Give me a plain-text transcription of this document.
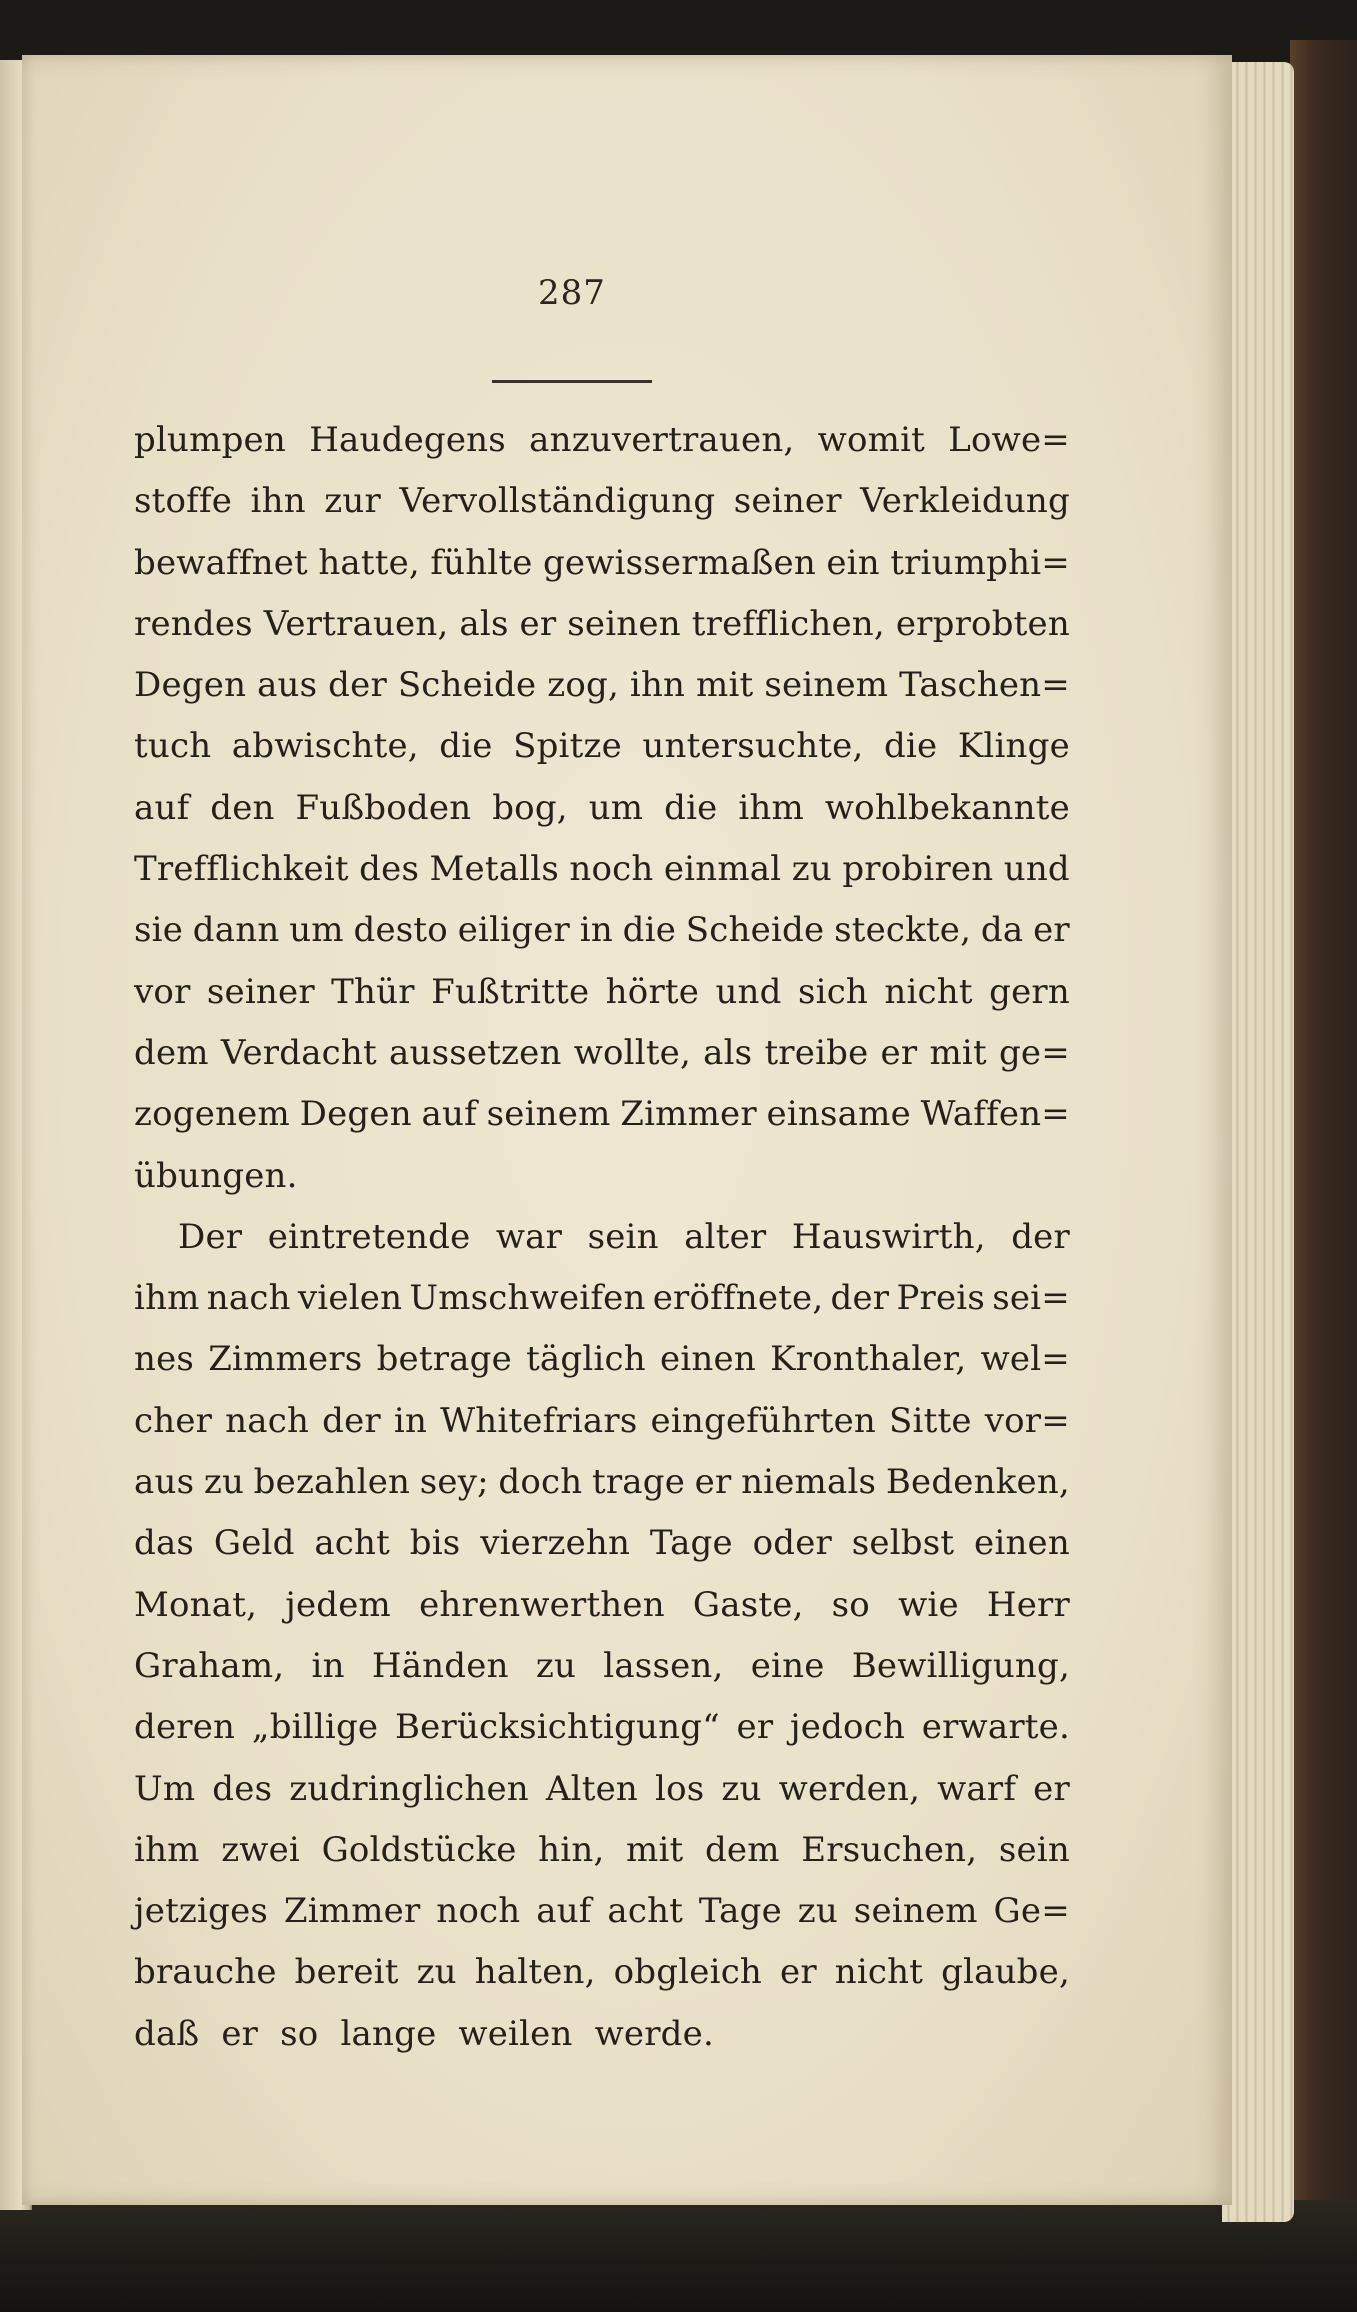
287
plumpen Haudegens anzuvertrauen, womit Lowe=
stoffe ihn zur Vervollständigung seiner Verkleidung
bewaffnet hatte, fühlte gewissermaßen ein triumphi=
rendes Vertrauen, als er seinen trefflichen, erprobten
Degen aus der Scheide zog, ihn mit seinem Taschen=
tuch abwischte, die Spitze untersuchte, die Klinge
auf den Fußboden bog, um die ihm wohlbekannte
Trefflichkeit des Metalls noch einmal zu probiren und
sie dann um desto eiliger in die Scheide steckte, da er
vor seiner Thür Fußtritte hörte und sich nicht gern
dem Verdacht aussetzen wollte, als treibe er mit ge=
zogenem Degen auf seinem Zimmer einsame Waffen=
übungen.
Der eintretende war sein alter Hauswirth, der
ihm nach vielen Umschweifen eröffnete, der Preis sei=
nes Zimmers betrage täglich einen Kronthaler, wel=
cher nach der in Whitefriars eingeführten Sitte vor=
aus zu bezahlen sey; doch trage er niemals Bedenken,
das Geld acht bis vierzehn Tage oder selbst einen
Monat, jedem ehrenwerthen Gaste, so wie Herr
Graham, in Händen zu lassen, eine Bewilligung,
deren „billige Berücksichtigung“ er jedoch erwarte.
Um des zudringlichen Alten los zu werden, warf er
ihm zwei Goldstücke hin, mit dem Ersuchen, sein
jetziges Zimmer noch auf acht Tage zu seinem Ge=
brauche bereit zu halten, obgleich er nicht glaube,
daß er so lange weilen werde.
